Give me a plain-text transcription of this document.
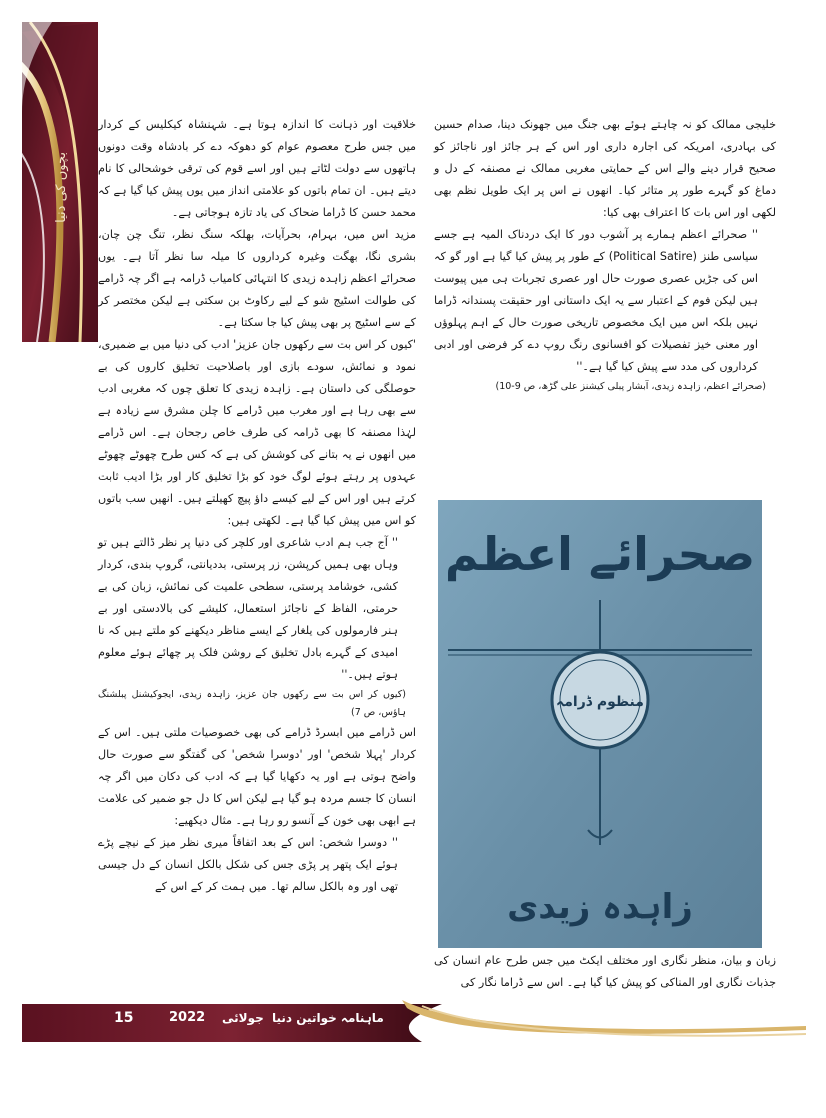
بچوں کی دنیا

خلاقیت اور ذہانت کا اندازہ ہوتا ہے۔ شہنشاہ کیکلیس کے کردار میں جس طرح معصوم عوام کو دھوکہ دے کر بادشاہ وقت دونوں ہاتھوں سے دولت لٹاتے ہیں اور اسے قوم کی ترقی خوشحالی کا نام دیتے ہیں۔ ان تمام باتوں کو علامتی انداز میں یوں پیش کیا گیا ہے کہ محمد حسن کا ڈراما ضحاک کی یاد تازہ ہوجاتی ہے۔

مزید اس میں، بہرام، بحرآیات، بھلکہ سنگ نظر، تنگ چن چان، بشری نگا، بھگت وغیرہ کرداروں کا میلہ سا نظر آتا ہے۔ یوں صحرائے اعظم زاہدہ زیدی کا انتہائی کامیاب ڈرامہ ہے اگر چہ ڈرامے کی طوالت اسٹیج شو کے لیے رکاوٹ بن سکتی ہے لیکن مختصر کر کے سے اسٹیج پر بھی پیش کیا جا سکتا ہے۔

'کیوں کر اس بت سے رکھوں جان عزیز' ادب کی دنیا میں بے ضمیری، نمود و نمائش، سودے بازی اور باصلاحیت تخلیق کاروں کی بے حوصلگی کی داستان ہے۔ زاہدہ زیدی کا تعلق چوں کہ مغربی ادب سے بھی رہا ہے اور مغرب میں ڈرامے کا چلن مشرق سے زیادہ ہے لہٰذا مصنفہ کا بھی ڈرامہ کی طرف خاص رجحان ہے۔ اس ڈرامے میں انھوں نے یہ بتانے کی کوشش کی ہے کہ کس طرح چھوٹے چھوٹے عہدوں پر رہتے ہوئے لوگ خود کو بڑا تخلیق کار اور بڑا ادیب ثابت کرتے ہیں اور اس کے لیے کیسے داؤ پیچ کھیلتے ہیں۔ انھیں سب باتوں کو اس میں پیش کیا گیا ہے۔ لکھتی ہیں:

'' آج جب ہم ادب شاعری اور کلچر کی دنیا پر نظر ڈالتے ہیں تو وہاں بھی ہمیں کرپشن، زر پرستی، بددیانتی، گروپ بندی، کردار کشی، خوشامد پرستی، سطحی علمیت کی نمائش، زبان کی بے حرمتی، الفاظ کے ناجائز استعمال، کلیشے کی بالادستی اور بے ہنر فارمولوں کی یلغار کے ایسے مناظر دیکھنے کو ملتے ہیں کہ نا امیدی کے گہرے بادل تخلیق کے روشن فلک پر چھائے ہوئے معلوم ہوتے ہیں۔''

(کیوں کر اس بت سے رکھوں جان عزیز، زاہدہ زیدی، ایجوکیشنل پبلشنگ ہاؤس، ص 7)

اس ڈرامے میں ابسرڈ ڈرامے کی بھی خصوصیات ملتی ہیں۔ اس کے کردار 'پہلا شخص' اور 'دوسرا شخص' کی گفتگو سے صورت حال واضح ہوتی ہے اور یہ دکھایا گیا ہے کہ ادب کی دکان میں اگر چہ انسان کا جسم مردہ ہو گیا ہے لیکن اس کا دل جو ضمیر کی علامت ہے ابھی بھی خون کے آنسو رو رہا ہے۔ مثال دیکھیے:

'' دوسرا شخص: اس کے بعد اتفاقاً میری نظر میز کے نیچے پڑے ہوئے ایک پتھر پر پڑی جس کی شکل بالکل انسان کے دل جیسی تھی اور وہ بالکل سالم تھا۔ میں ہمت کر کے اس کے

خلیجی ممالک کو نہ چاہتے ہوئے بھی جنگ میں جھونک دینا، صدام حسین کی بہادری، امریکہ کی اجارہ داری اور اس کے ہر جائز اور ناجائز کو صحیح قرار دینے والے اس کے حمایتی مغربی ممالک نے مصنفہ کے دل و دماغ کو گہرے طور پر متاثر کیا۔ انھوں نے اس پر ایک طویل نظم بھی لکھی اور اس بات کا اعتراف بھی کیا:

'' صحرائے اعظم ہمارے پر آشوب دور کا ایک دردناک المیہ ہے جسے سیاسی طنز (Political Satire) کے طور پر پیش کیا گیا ہے اور گو کہ اس کی جڑیں عصری صورت حال اور عصری تجربات ہی میں پیوست ہیں لیکن فوم کے اعتبار سے یہ ایک داستانی اور حقیقت پسندانہ ڈراما نہیں بلکہ اس میں ایک مخصوص تاریخی صورت حال کے اہم پہلوؤں اور معنی خیز تفصیلات کو افسانوی رنگ روپ دے کر فرضی اور ادبی کرداروں کی مدد سے پیش کیا گیا ہے۔''

(صحرائے اعظم، زاہدہ زیدی، آبشار پبلی کیشنز علی گڑھ، ص 9-10)

صحرائے اعظم
منظوم ڈرامہ
زاہدہ زیدی
زبان و بیان، منظر نگاری اور مختلف ایکٹ میں جس طرح عام انسان کی جذبات نگاری اور المناکی کو پیش کیا گیا ہے۔ اس سے ڈراما نگار کی
ماہنامہ خواتین دنیا
جولائی
2022
15
